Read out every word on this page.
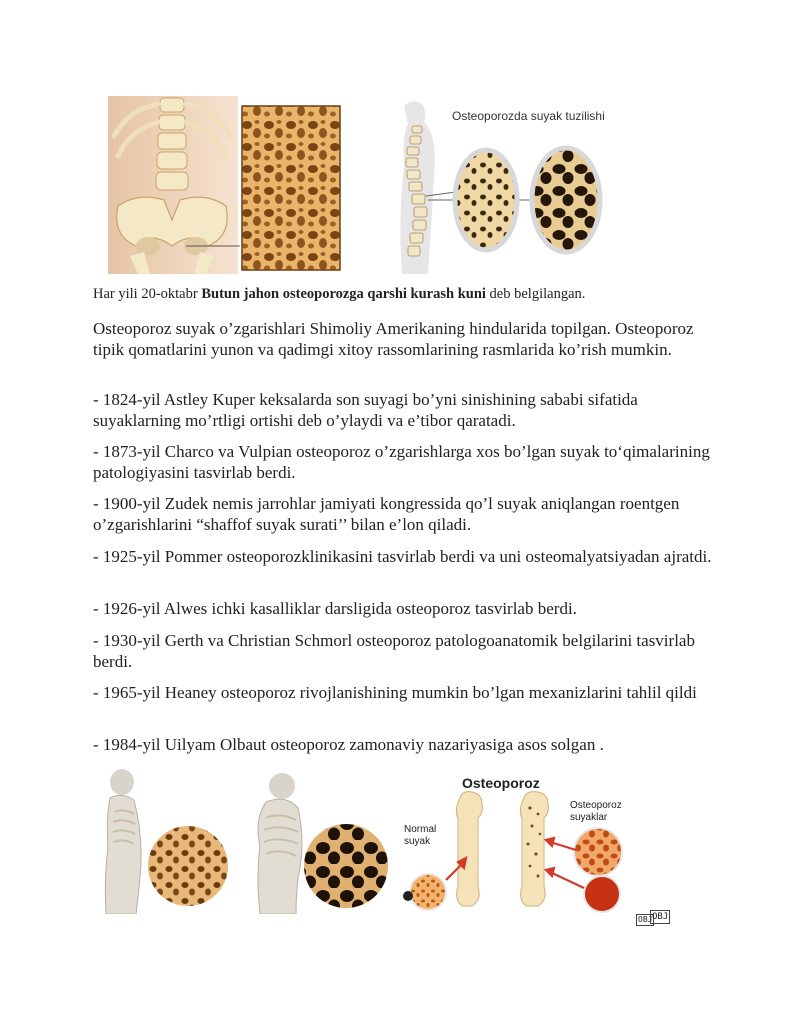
Osteoporozda suyak tuzilishi
Har yili 20-oktabr Butun jahon osteoporozga qarshi kurash kuni deb belgilangan.
Osteoporoz suyak o’zgarishlari Shimoliy Amerikaning hindularida topilgan. Osteoporoz tipik qomatlarini yunon va qadimgi xitoy rassomlarining rasmlarida ko’rish mumkin.
- 1824-yil Astley Kuper keksalarda son suyagi bo’yni sinishining sababi sifatida suyaklarning mo’rtligi ortishi deb o’ylaydi va e’tibor qaratadi.
- 1873-yil Charco va Vulpian osteoporoz o’zgarishlarga xos bo’lgan suyak to‘qimalarining patologiyasini tasvirlab berdi.
- 1900-yil Zudek nemis jarrohlar jamiyati kongressida qo’l suyak aniqlangan roentgen o’zgarishlarini “shaffof suyak surati’’ bilan e’lon qiladi.
- 1925-yil Pommer osteoporozklinikasini tasvirlab berdi va uni osteomalyatsiyadan ajratdi.
- 1926-yil Alwes ichki kasalliklar darsligida osteoporoz tasvirlab berdi.
- 1930-yil Gerth va Christian Schmorl osteoporoz patologoanatomik belgilarini tasvirlab berdi.
- 1965-yil Heaney osteoporoz rivojlanishining mumkin bo’lgan mexanizlarini tahlil qildi
- 1984-yil Uilyam Olbaut osteoporoz zamonaviy nazariyasiga asos solgan .
Osteoporoz
Normal
suyak
Osteoporoz
suyaklar
OBJ OBJ
